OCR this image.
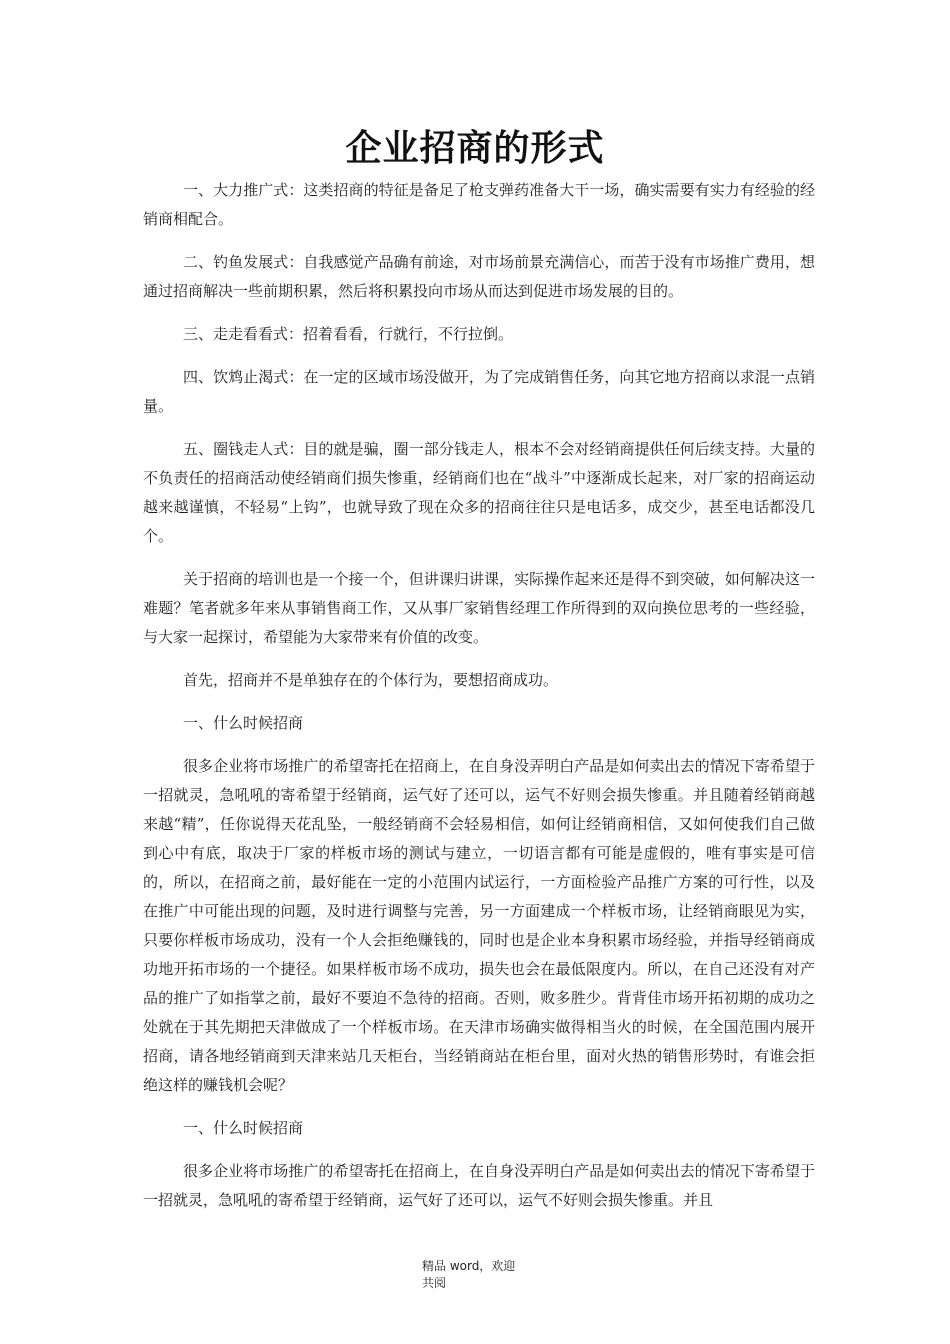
企业招商的形式

一、大力推广式：这类招商的特征是备足了枪支弹药准备大干一场，确实需要有实力有经验的经销商相配合。

二、钓鱼发展式：自我感觉产品确有前途，对市场前景充满信心，而苦于没有市场推广费用，想通过招商解决一些前期积累，然后将积累投向市场从而达到促进市场发展的目的。

三、走走看看式：招着看看，行就行，不行拉倒。

四、饮鸩止渴式：在一定的区域市场没做开，为了完成销售任务，向其它地方招商以求混一点销量。

五、圈钱走人式：目的就是骗，圈一部分钱走人，根本不会对经销商提供任何后续支持。大量的不负责任的招商活动使经销商们损失惨重，经销商们也在“战斗”中逐渐成长起来，对厂家的招商运动越来越谨慎，不轻易“上钩”，也就导致了现在众多的招商往往只是电话多，成交少，甚至电话都没几个。

关于招商的培训也是一个接一个，但讲课归讲课，实际操作起来还是得不到突破，如何解决这一难题？笔者就多年来从事销售商工作，又从事厂家销售经理工作所得到的双向换位思考的一些经验，与大家一起探讨，希望能为大家带来有价值的改变。

首先，招商并不是单独存在的个体行为，要想招商成功。

一、什么时候招商

很多企业将市场推广的希望寄托在招商上，在自身没弄明白产品是如何卖出去的情况下寄希望于一招就灵，急吼吼的寄希望于经销商，运气好了还可以，运气不好则会损失惨重。并且随着经销商越来越“精”，任你说得天花乱坠，一般经销商不会轻易相信，如何让经销商相信，又如何使我们自己做到心中有底，取决于厂家的样板市场的测试与建立，一切语言都有可能是虚假的，唯有事实是可信的，所以，在招商之前，最好能在一定的小范围内试运行，一方面检验产品推广方案的可行性，以及在推广中可能出现的问题，及时进行调整与完善，另一方面建成一个样板市场，让经销商眼见为实，只要你样板市场成功，没有一个人会拒绝赚钱的，同时也是企业本身积累市场经验，并指导经销商成功地开拓市场的一个捷径。如果样板市场不成功，损失也会在最低限度内。所以，在自己还没有对产品的推广了如指掌之前，最好不要迫不急待的招商。否则，败多胜少。背背佳市场开拓初期的成功之处就在于其先期把天津做成了一个样板市场。在天津市场确实做得相当火的时候，在全国范围内展开招商，请各地经销商到天津来站几天柜台，当经销商站在柜台里，面对火热的销售形势时，有谁会拒绝这样的赚钱机会呢？

一、什么时候招商

很多企业将市场推广的希望寄托在招商上，在自身没弄明白产品是如何卖出去的情况下寄希望于一招就灵，急吼吼的寄希望于经销商，运气好了还可以，运气不好则会损失惨重。并且

精品 word，欢迎
共阅
